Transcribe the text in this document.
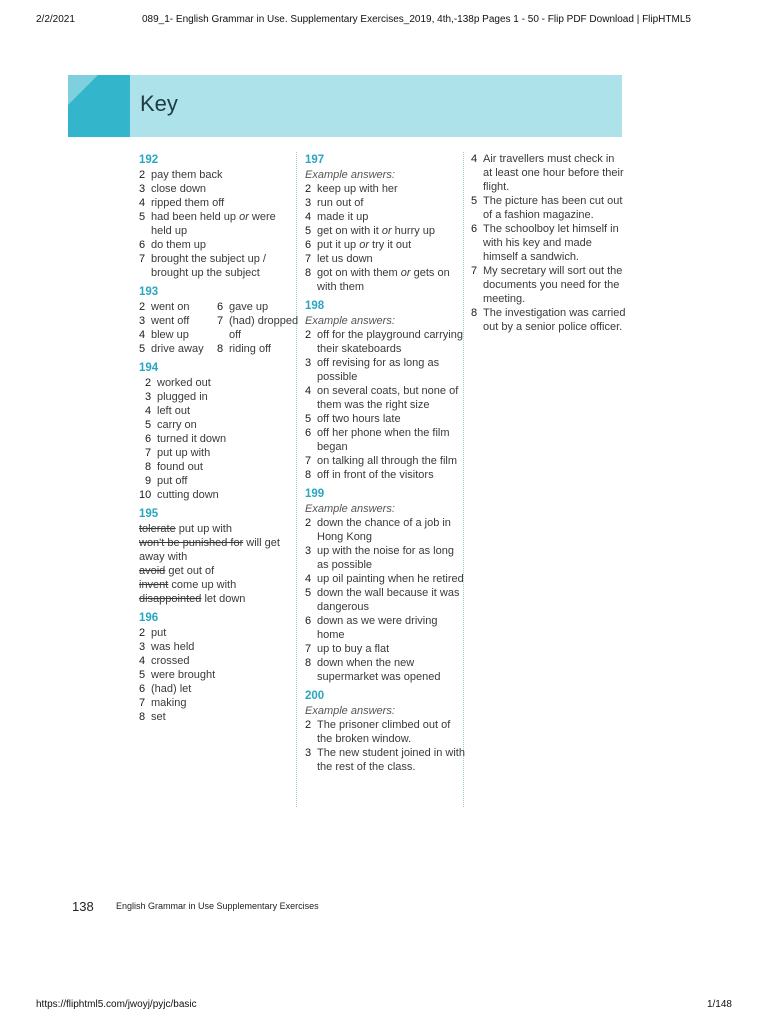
2/2/2021	089_1- English Grammar in Use. Supplementary Exercises_2019, 4th,-138p Pages 1 - 50 - Flip PDF Download | FlipHTML5
Key
192
2 pay them back
3 close down
4 ripped them off
5 had been held up or were held up
6 do them up
7 brought the subject up / brought up the subject
193
2 went on
3 went off
4 blew up
5 drive away
6 gave up
7 (had) dropped off
8 riding off
194
2 worked out
3 plugged in
4 left out
5 carry on
6 turned it down
7 put up with
8 found out
9 put off
10 cutting down
195
tolerate put up with
won't be punished for will get away with
avoid get out of
invent come up with
disappointed let down
196
2 put
3 was held
4 crossed
5 were brought
6 (had) let
7 making
8 set
197
Example answers:
2 keep up with her
3 run out of
4 made it up
5 get on with it or hurry up
6 put it up or try it out
7 let us down
8 got on with them or gets on with them
198
Example answers:
2 off for the playground carrying their skateboards
3 off revising for as long as possible
4 on several coats, but none of them was the right size
5 off two hours late
6 off her phone when the film began
7 on talking all through the film
8 off in front of the visitors
199
Example answers:
2 down the chance of a job in Hong Kong
3 up with the noise for as long as possible
4 up oil painting when he retired
5 down the wall because it was dangerous
6 down as we were driving home
7 up to buy a flat
8 down when the new supermarket was opened
200
Example answers:
2 The prisoner climbed out of the broken window.
3 The new student joined in with the rest of the class.
4 Air travellers must check in at least one hour before their flight.
5 The picture has been cut out of a fashion magazine.
6 The schoolboy let himself in with his key and made himself a sandwich.
7 My secretary will sort out the documents you need for the meeting.
8 The investigation was carried out by a senior police officer.
138 English Grammar in Use Supplementary Exercises
https://fliphtml5.com/jwoyj/pyjc/basic	1/148
